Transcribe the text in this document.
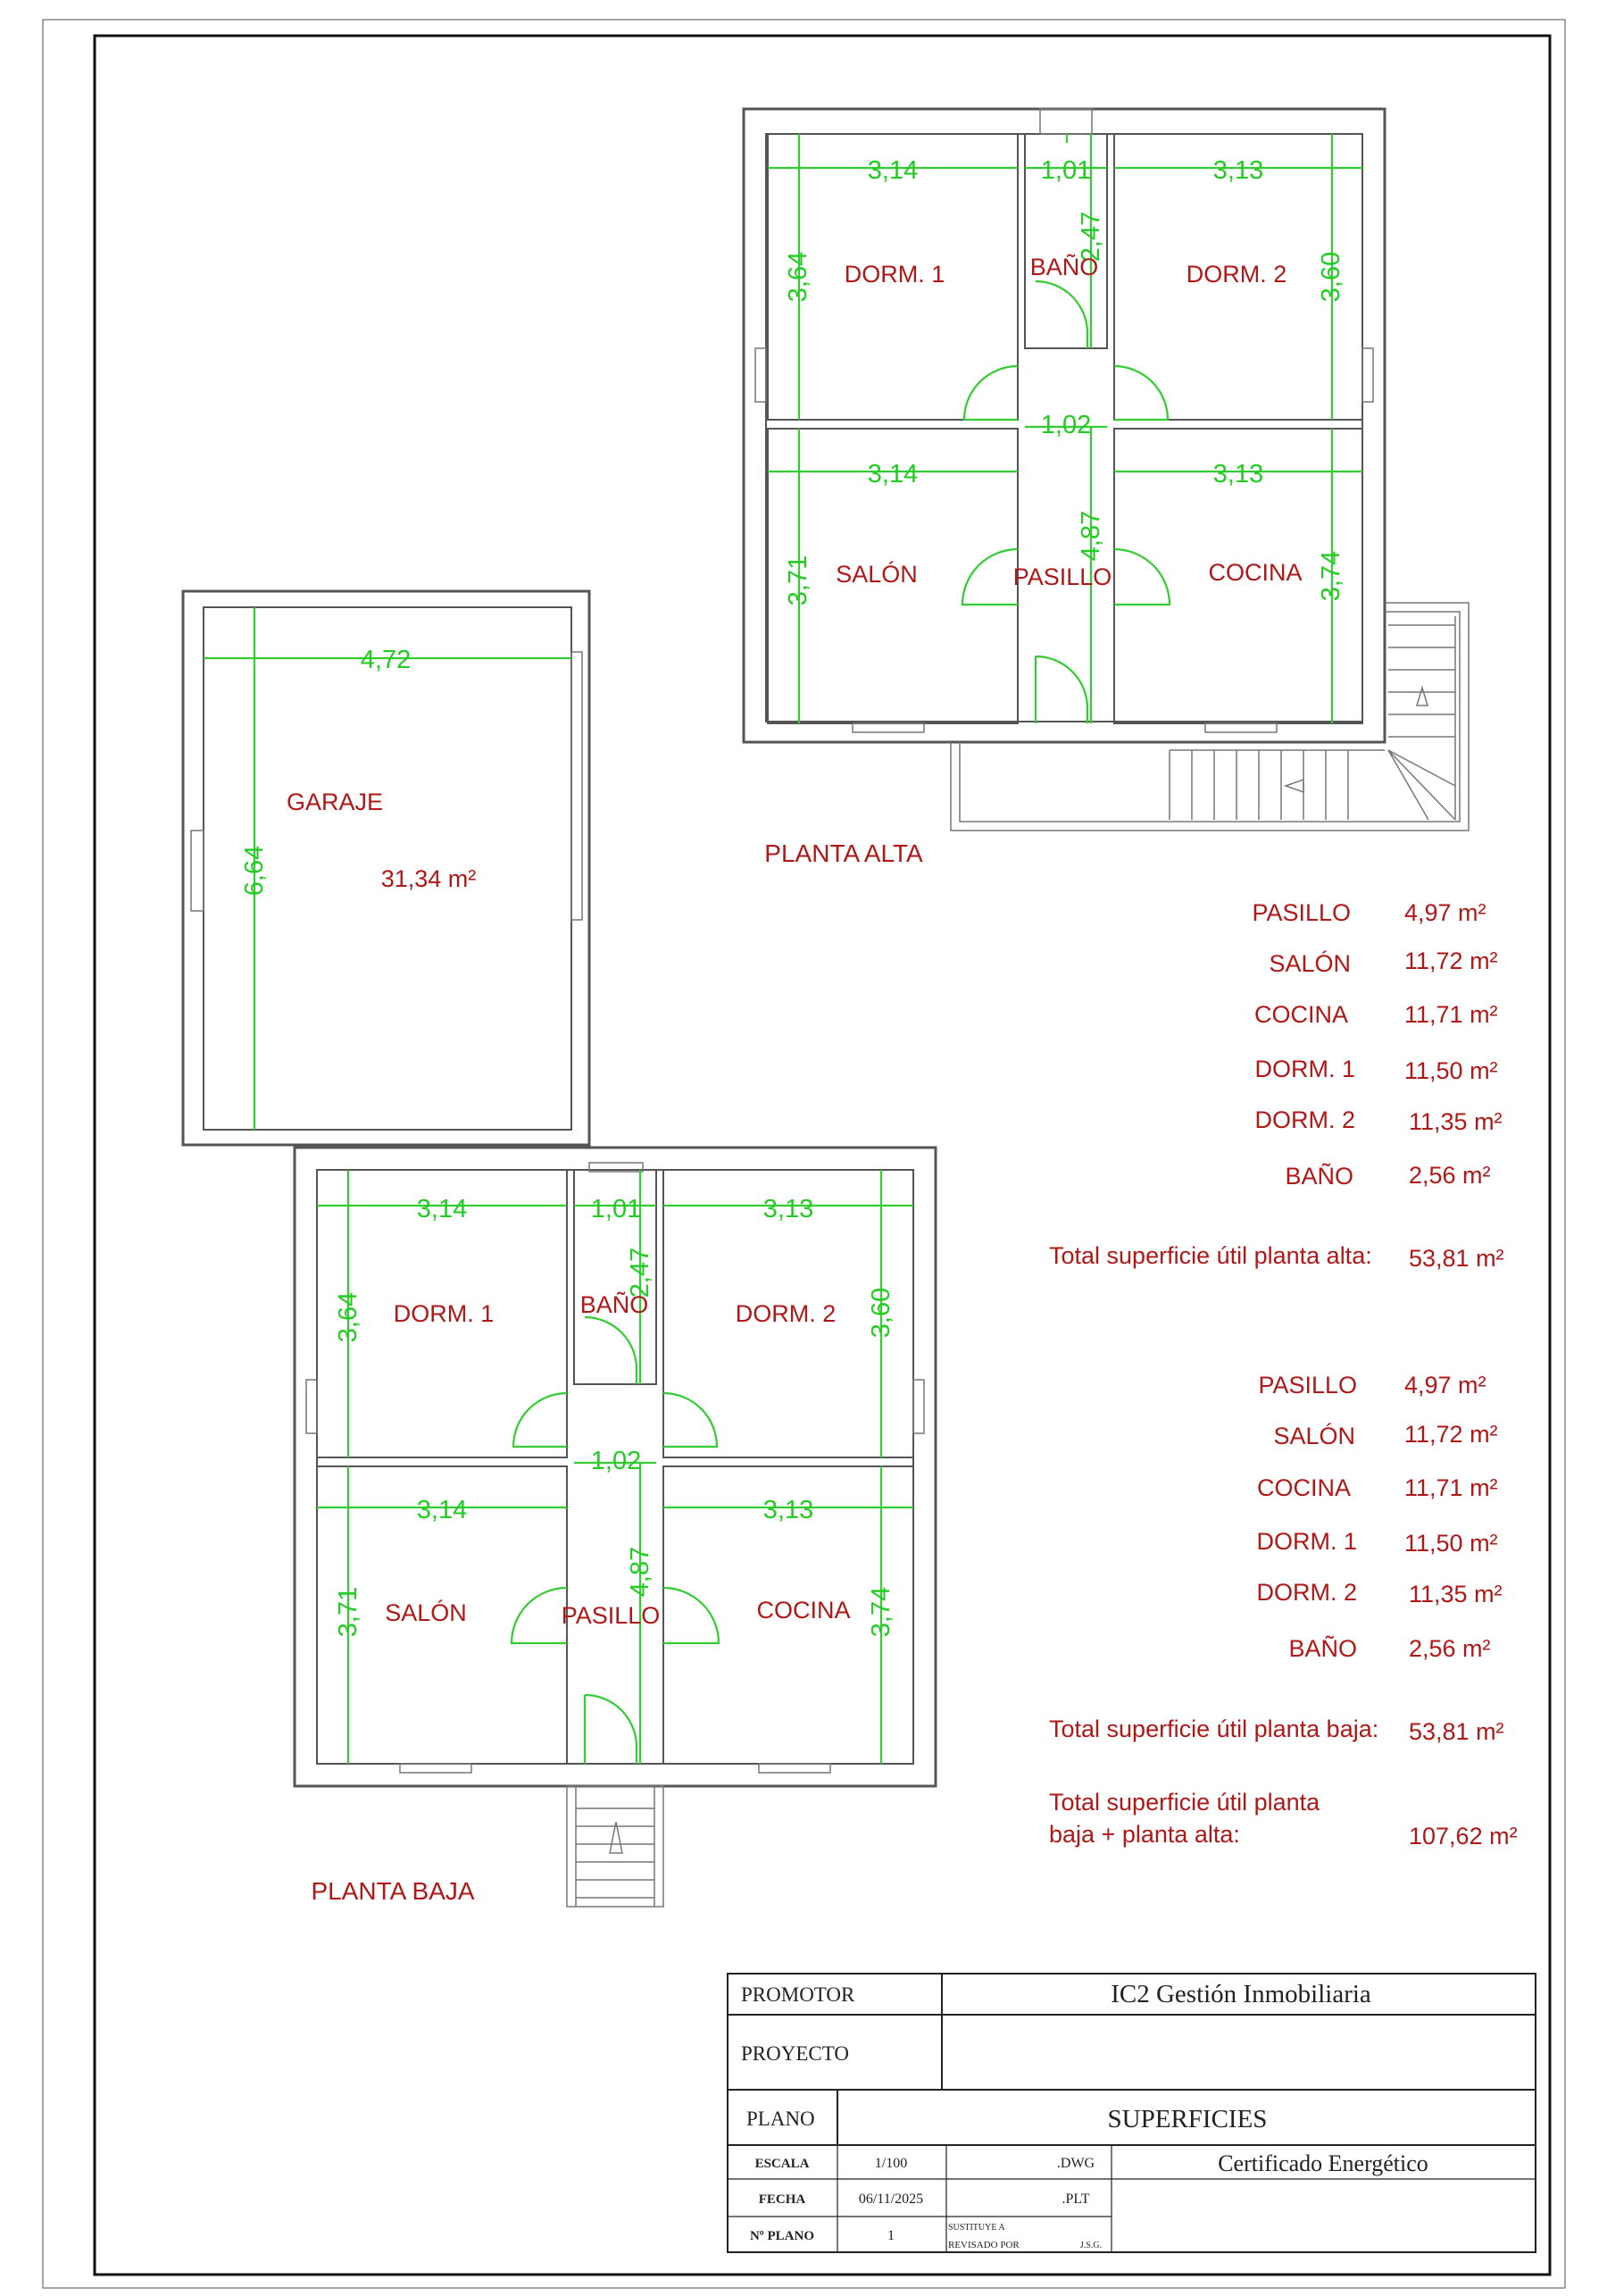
3,14	1,01	3,13
3,64
2,47
3,60
1,02
3,14	3,13
3,71
4,87
3,74
DORM. 1	BAÑO	DORM. 2
SALÓN	PASILLO	COCINA
PLANTA ALTA
4,72
6,64
GARAJE
31,34 m²
3,14	1,01	3,13
3,64
2,47
3,60
1,02
3,14	3,13
3,71
4,87
3,74
DORM. 1	BAÑO	DORM. 2
SALÓN	PASILLO	COCINA
PLANTA BAJA
PASILLO 4,97 m²
SALÓN 11,72 m²
COCINA 11,71 m²
DORM. 1 11,50 m²
DORM. 2 11,35 m²
BAÑO 2,56 m²
Total superficie útil planta alta: 53,81 m²
PASILLO 4,97 m²
SALÓN 11,72 m²
COCINA 11,71 m²
DORM. 1 11,50 m²
DORM. 2 11,35 m²
BAÑO 2,56 m²
Total superficie útil planta baja: 53,81 m²
Total superficie útil planta
baja + planta alta:	107,62 m²
PROMOTOR	IC2 Gestión Inmobiliaria
PROYECTO
PLANO	SUPERFICIES
ESCALA	1/100	.DWG
FECHA	06/11/2025	.PLT
Nº PLANO	1
SUSTITUYE A
REVISADO POR	J.S.G.
Certificado Energético
